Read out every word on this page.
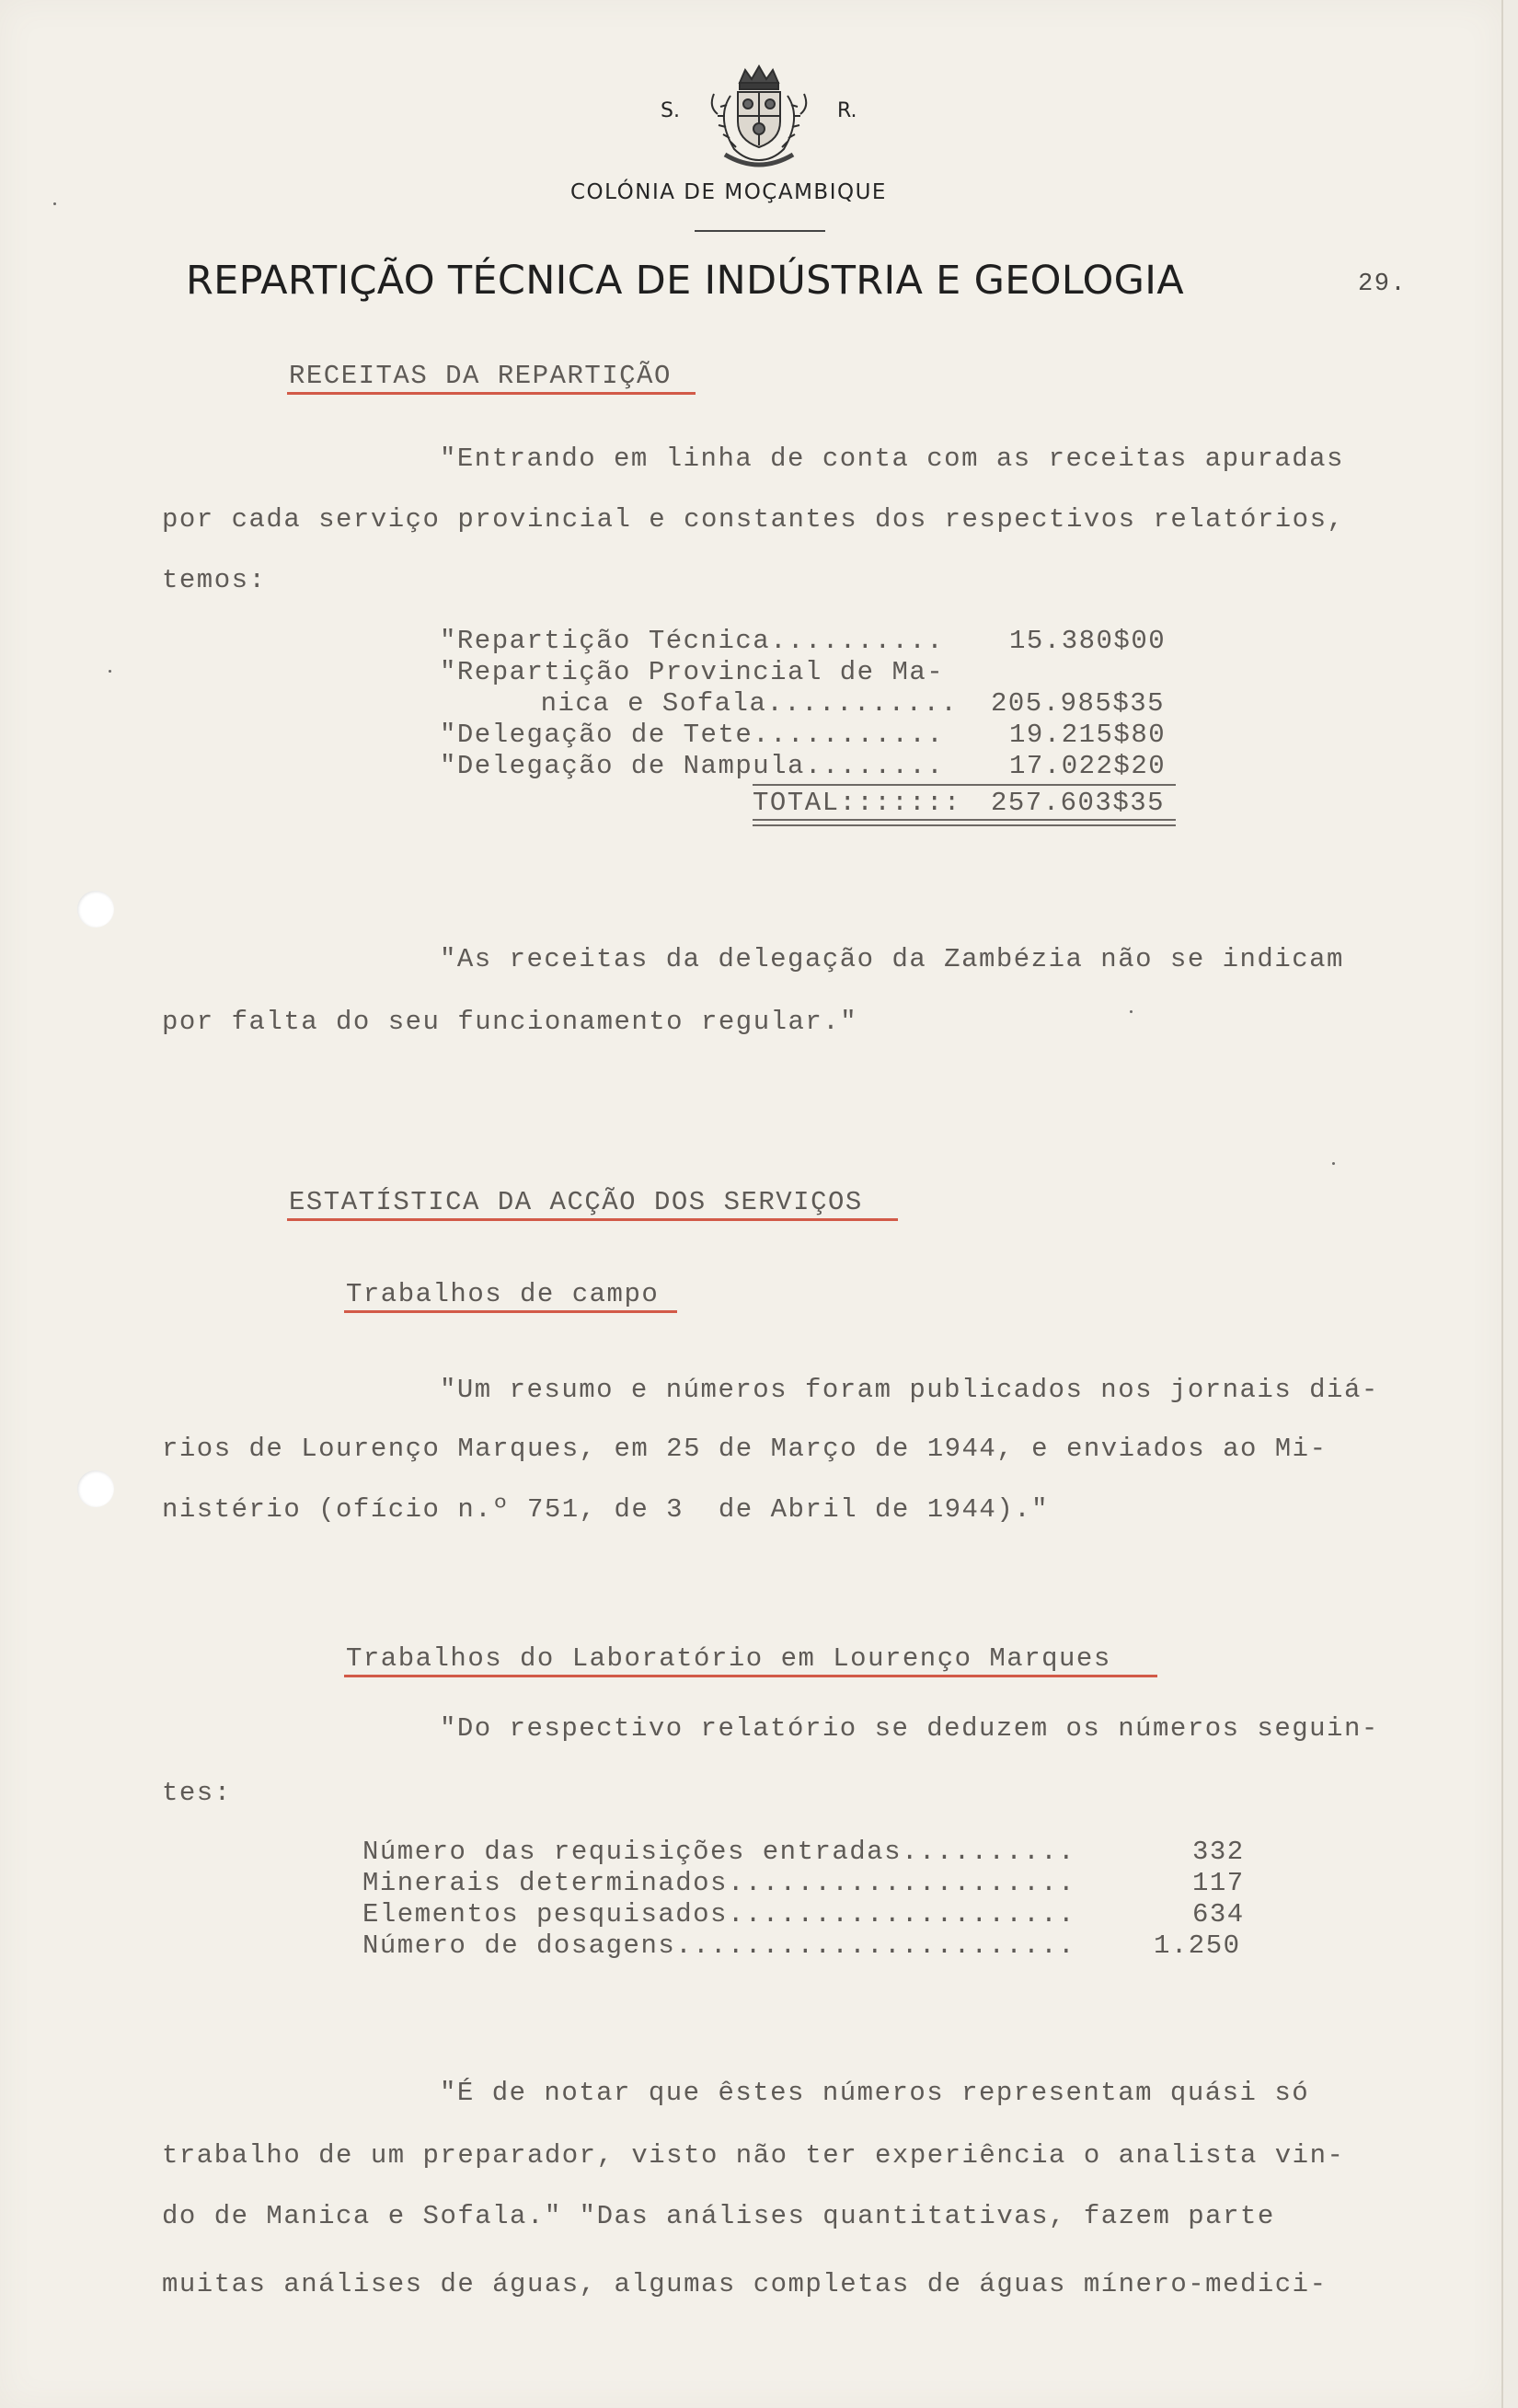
S.	R.
COLÓNIA DE MOÇAMBIQUE
REPARTIÇÃO TÉCNICA DE INDÚSTRIA E GEOLOGIA	29.
RECEITAS DA REPARTIÇÃO
"Entrando em linha de conta com as receitas apuradas
por cada serviço provincial e constantes dos respectivos relatórios,
temos:
"Repartição Técnica.......... 15.380$00
"Repartição Provincial de Ma-
nica e Sofala........... 205.985$35
"Delegação de Tete........... 19.215$80
"Delegação de Nampula........ 17.022$20
TOTAL::::::: 257.603$35
"As receitas da delegação da Zambézia não se indicam
por falta do seu funcionamento regular."
ESTATÍSTICA DA ACÇÃO DOS SERVIÇOS
Trabalhos de campo
"Um resumo e números foram publicados nos jornais diá-
rios de Lourenço Marques, em 25 de Março de 1944, e enviados ao Mi-
nistério (ofício n.º 751, de 3  de Abril de 1944)."
Trabalhos do Laboratório em Lourenço Marques
"Do respectivo relatório se deduzem os números seguin-
tes:
Número das requisições entradas..........	332
Minerais determinados....................	117
Elementos pesquisados....................	634
Número de dosagens.......................	1.250
"É de notar que êstes números representam quási só
trabalho de um preparador, visto não ter experiência o analista vin-
do de Manica e Sofala." "Das análises quantitativas, fazem parte
muitas análises de águas, algumas completas de águas mínero-medici-
